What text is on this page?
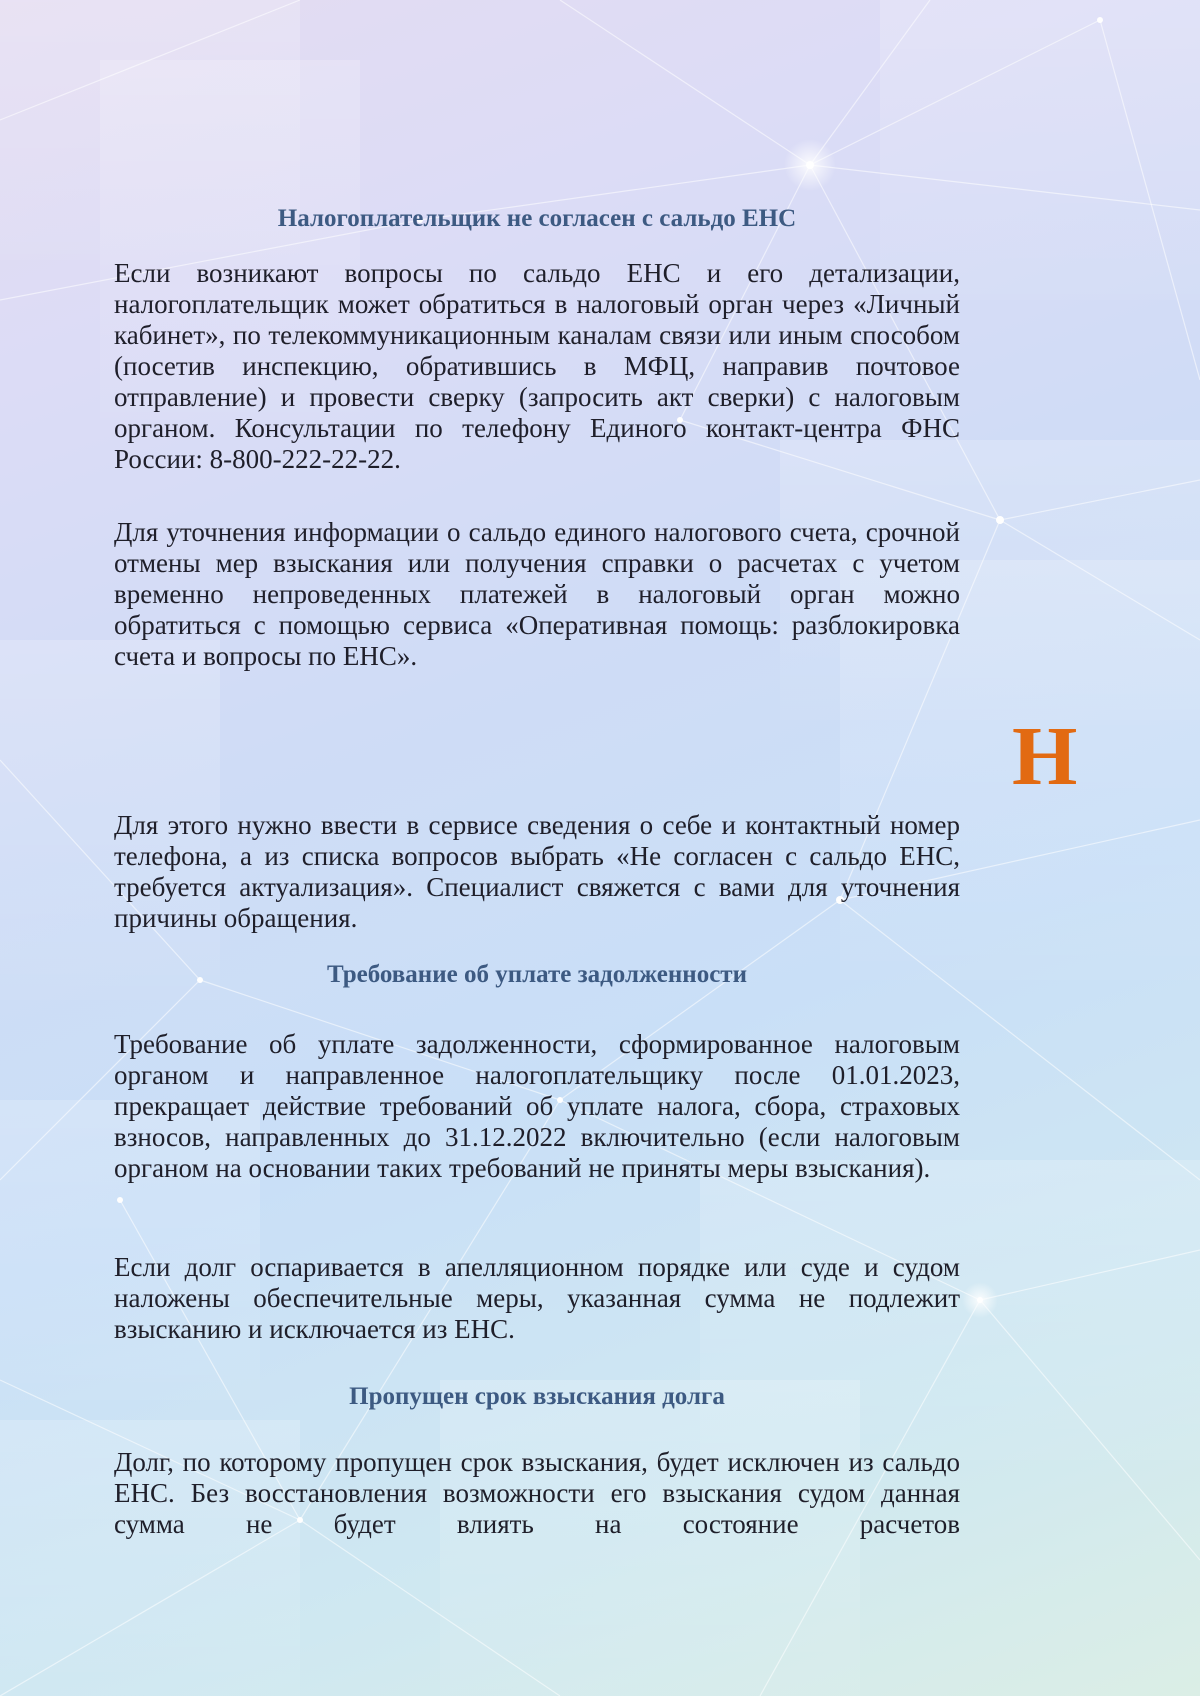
Налогоплательщик не согласен с сальдо ЕНС

Если возникают вопросы по сальдо ЕНС и его детализации, налогоплательщик может обратиться в налоговый орган через «Личный кабинет», по телекоммуникационным каналам связи или иным способом (посетив инспекцию, обратившись в МФЦ, направив почтовое отправление) и провести сверку (запросить акт сверки) с налоговым органом. Консультации по телефону Единого контакт-центра ФНС России: 8-800-222-22-22.

Для уточнения информации о сальдо единого налогового счета, срочной отмены мер взыскания или получения справки о расчетах с учетом временно непроведенных платежей в налоговый орган можно обратиться с помощью сервиса «Оперативная помощь: разблокировка счета и вопросы по ЕНС».

Н

Для этого нужно ввести в сервисе сведения о себе и контактный номер телефона, а из списка вопросов выбрать «Не согласен с сальдо ЕНС, требуется актуализация». Специалист свяжется с вами для уточнения причины обращения.

Требование об уплате задолженности

Требование об уплате задолженности, сформированное налоговым органом и направленное налогоплательщику после 01.01.2023, прекращает действие требований об уплате налога, сбора, страховых взносов, направленных до 31.12.2022 включительно (если налоговым органом на основании таких требований не приняты меры взыскания).

Если долг оспаривается в апелляционном порядке или суде и судом наложены обеспечительные меры, указанная сумма не подлежит взысканию и исключается из ЕНС.

Пропущен срок взыскания долга

Долг, по которому пропущен срок взыскания, будет исключен из сальдо ЕНС. Без восстановления возможности его взыскания судом данная сумма не будет влиять на состояние расчетов
